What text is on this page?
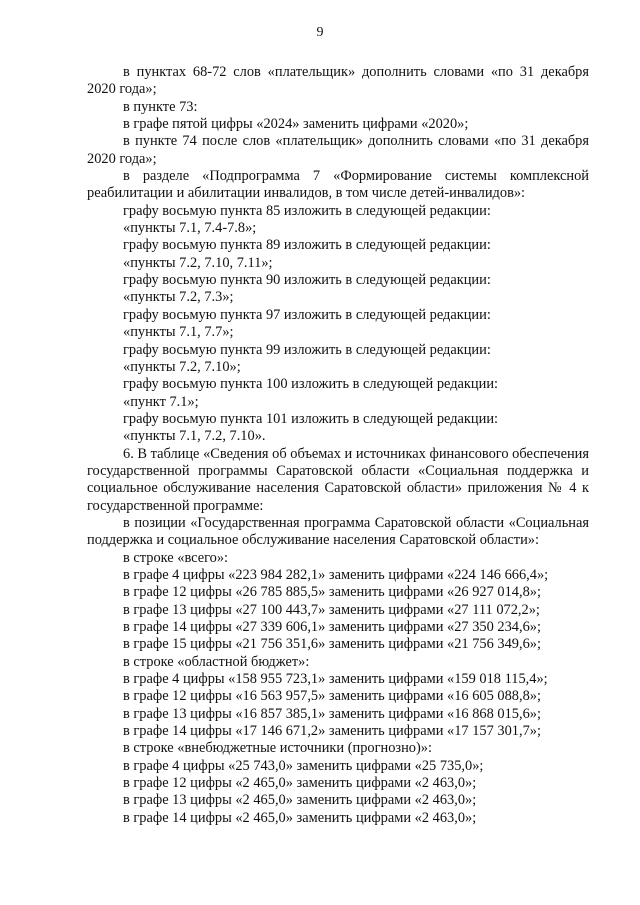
9

в пунктах 68-72 слов «плательщик» дополнить словами «по 31 декабря 2020 года»;

в пункте 73:

в графе пятой цифры «2024» заменить цифрами «2020»;

в пункте 74 после слов «плательщик» дополнить словами «по 31 декабря 2020 года»;

в разделе «Подпрограмма 7 «Формирование системы комплексной реабилитации и абилитации инвалидов, в том числе детей-инвалидов»:

графу восьмую пункта 85 изложить в следующей редакции:

«пункты 7.1, 7.4-7.8»;

графу восьмую пункта 89 изложить в следующей редакции:

«пункты 7.2, 7.10, 7.11»;

графу восьмую пункта 90 изложить в следующей редакции:

«пункты 7.2, 7.3»;

графу восьмую пункта 97 изложить в следующей редакции:

«пункты 7.1, 7.7»;

графу восьмую пункта 99 изложить в следующей редакции:

«пункты 7.2, 7.10»;

графу восьмую пункта 100 изложить в следующей редакции:

«пункт 7.1»;

графу восьмую пункта 101 изложить в следующей редакции:

«пункты 7.1, 7.2, 7.10».

6. В таблице «Сведения об объемах и источниках финансового обеспечения государственной программы Саратовской области «Социальная поддержка и социальное обслуживание населения Саратовской области» приложения № 4 к государственной программе:

в позиции «Государственная программа Саратовской области «Социальная поддержка и социальное обслуживание населения Саратовской области»:

в строке «всего»:

в графе 4 цифры «223 984 282,1» заменить цифрами «224 146 666,4»;

в графе 12 цифры «26 785 885,5» заменить цифрами «26 927 014,8»;

в графе 13 цифры «27 100 443,7» заменить цифрами «27 111 072,2»;

в графе 14 цифры «27 339 606,1» заменить цифрами «27 350 234,6»;

в графе 15 цифры «21 756 351,6» заменить цифрами «21 756 349,6»;

в строке «областной бюджет»:

в графе 4 цифры «158 955 723,1» заменить цифрами «159 018 115,4»;

в графе 12 цифры «16 563 957,5» заменить цифрами «16 605 088,8»;

в графе 13 цифры «16 857 385,1» заменить цифрами «16 868 015,6»;

в графе 14 цифры «17 146 671,2» заменить цифрами «17 157 301,7»;

в строке «внебюджетные источники (прогнозно)»:

в графе 4 цифры «25 743,0» заменить цифрами «25 735,0»;

в графе 12 цифры «2 465,0» заменить цифрами «2 463,0»;

в графе 13 цифры «2 465,0» заменить цифрами «2 463,0»;

в графе 14 цифры «2 465,0» заменить цифрами «2 463,0»;
